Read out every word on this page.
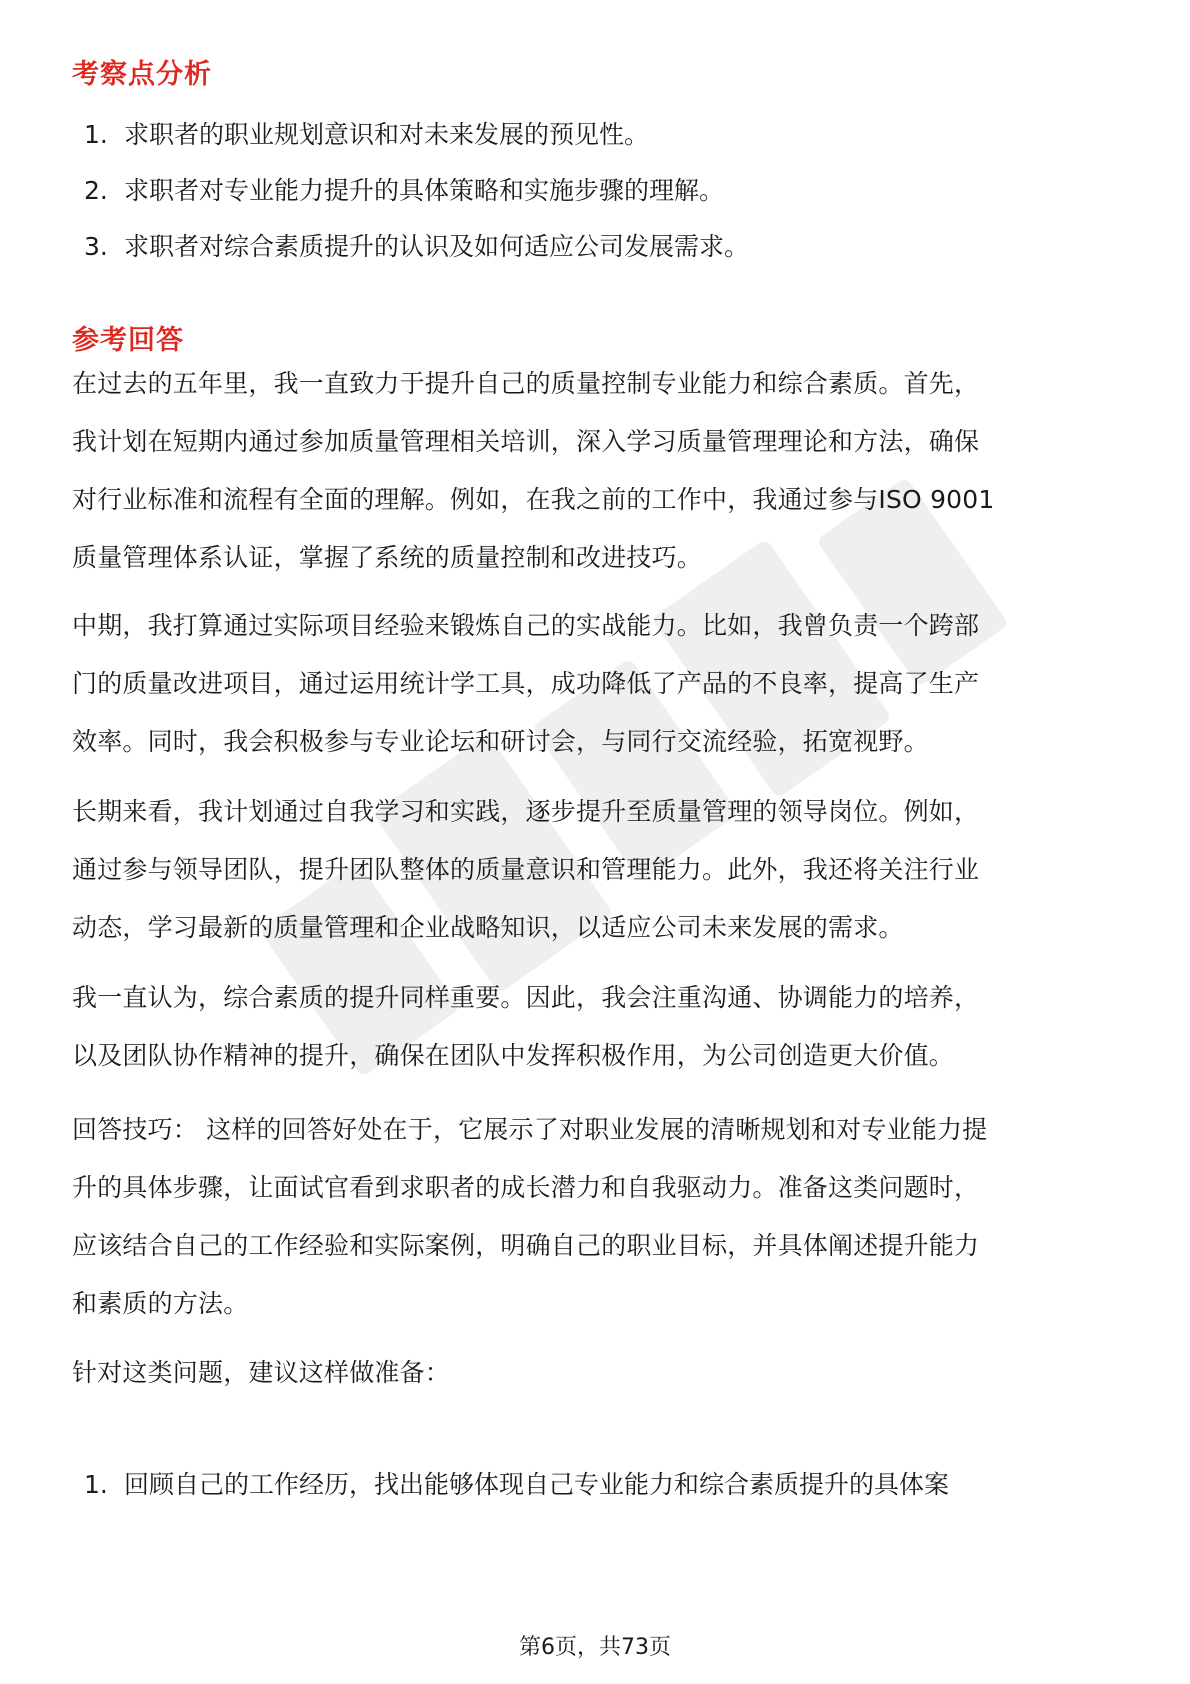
考察点分析
1. 求职者的职业规划意识和对未来发展的预见性。
2. 求职者对专业能力提升的具体策略和实施步骤的理解。
3. 求职者对综合素质提升的认识及如何适应公司发展需求。
参考回答
在过去的五年里，我一直致力于提升自己的质量控制专业能力和综合素质。首先，
我计划在短期内通过参加质量管理相关培训，深入学习质量管理理论和方法，确保
对行业标准和流程有全面的理解。例如，在我之前的工作中，我通过参与ISO 9001
质量管理体系认证，掌握了系统的质量控制和改进技巧。
中期，我打算通过实际项目经验来锻炼自己的实战能力。比如，我曾负责一个跨部
门的质量改进项目，通过运用统计学工具，成功降低了产品的不良率，提高了生产
效率。同时，我会积极参与专业论坛和研讨会，与同行交流经验，拓宽视野。
长期来看，我计划通过自我学习和实践，逐步提升至质量管理的领导岗位。例如，
通过参与领导团队，提升团队整体的质量意识和管理能力。此外，我还将关注行业
动态，学习最新的质量管理和企业战略知识，以适应公司未来发展的需求。
我一直认为，综合素质的提升同样重要。因此，我会注重沟通、协调能力的培养，
以及团队协作精神的提升，确保在团队中发挥积极作用，为公司创造更大价值。
回答技巧： 这样的回答好处在于，它展示了对职业发展的清晰规划和对专业能力提
升的具体步骤，让面试官看到求职者的成长潜力和自我驱动力。准备这类问题时，
应该结合自己的工作经验和实际案例，明确自己的职业目标，并具体阐述提升能力
和素质的方法。
针对这类问题，建议这样做准备：
1. 回顾自己的工作经历，找出能够体现自己专业能力和综合素质提升的具体案
第6页，共73页
